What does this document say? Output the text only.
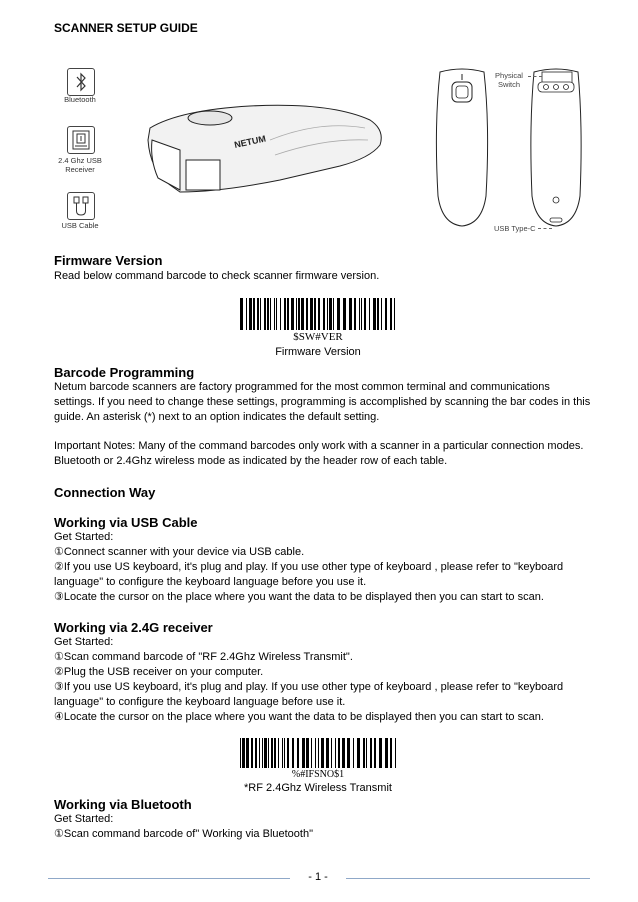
SCANNER SETUP GUIDE
Bluetooth
2.4 Ghz USB
Receiver
USB Cable
NETUM
Physical
Switch
USB Type-C
Firmware Version
Read below command barcode to check scanner firmware version.
$SW#VER
Firmware Version
Barcode Programming
Netum barcode scanners are factory programmed for the most common terminal and communications
settings. If you need to change these settings, programming is accomplished by scanning the bar codes in this
guide. An asterisk (*) next to an option indicates the default setting.
Important Notes: Many of the command barcodes only work with a scanner in a particular connection modes.
Bluetooth or 2.4Ghz wireless mode as indicated by the header row of each table.
Connection Way
Working via USB Cable
Get Started:
①Connect scanner with your device via USB cable.
②If you use US keyboard, it's plug and play. If you use other type of keyboard , please refer to "keyboard
language" to configure the keyboard language before you use it.
③Locate the cursor on the place where you want the data to be displayed then you can start to scan.
Working via 2.4G receiver
Get Started:
①Scan command barcode of "RF 2.4Ghz Wireless Transmit".
②Plug the USB receiver on your computer.
③If you use US keyboard, it's plug and play. If you use other type of keyboard , please refer to "keyboard
language" to configure the keyboard language before use it.
④Locate the cursor on the place where you want the data to be displayed then you can start to scan.
%#IFSNO$1
*RF 2.4Ghz Wireless Transmit
Working via Bluetooth
Get Started:
①Scan command barcode of" Working via Bluetooth"
- 1 -
